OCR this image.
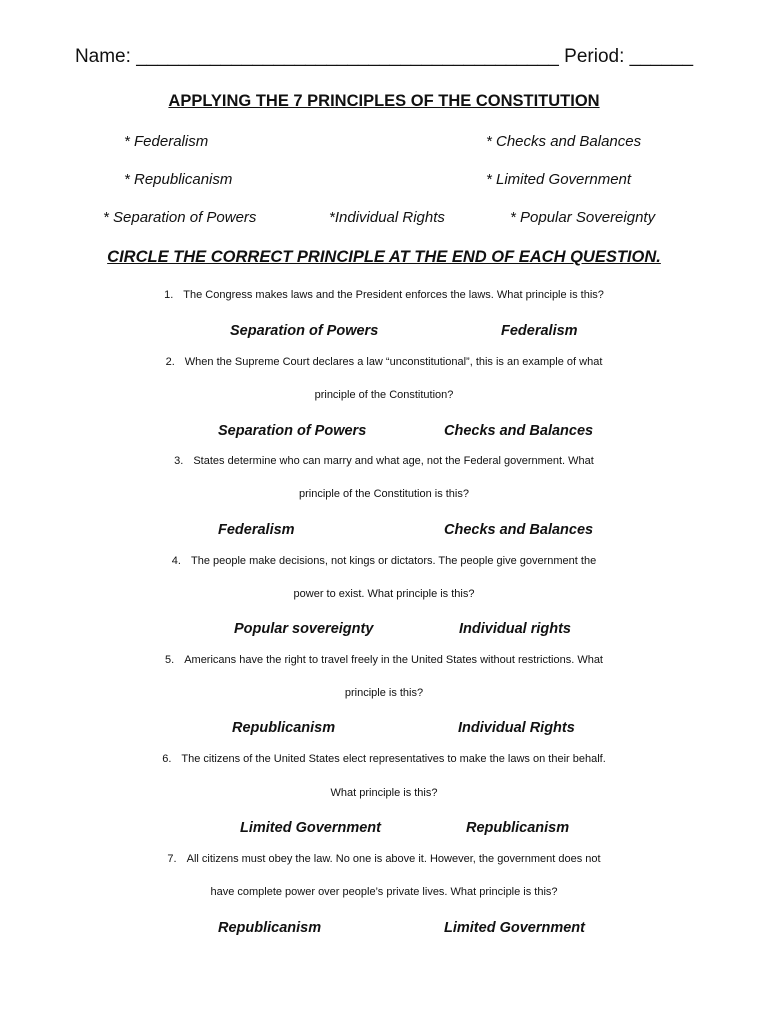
Name: ________________________________________ Period: ______
APPLYING THE 7 PRINCIPLES OF THE CONSTITUTION
* Federalism	* Checks and Balances
* Republicanism	* Limited Government
* Separation of Powers	*Individual Rights	* Popular Sovereignty
CIRCLE THE CORRECT PRINCIPLE AT THE END OF EACH QUESTION.
1. The Congress makes laws and the President enforces the laws. What principle is this?
Separation of Powers	Federalism
2. When the Supreme Court declares a law “unconstitutional”, this is an example of what
principle of the Constitution?
Separation of Powers	Checks and Balances
3. States determine who can marry and what age, not the Federal government. What
principle of the Constitution is this?
Federalism	Checks and Balances
4. The people make decisions, not kings or dictators. The people give government the
power to exist. What principle is this?
Popular sovereignty	Individual rights
5. Americans have the right to travel freely in the United States without restrictions. What
principle is this?
Republicanism	Individual Rights
6. The citizens of the United States elect representatives to make the laws on their behalf.
What principle is this?
Limited Government	Republicanism
7. All citizens must obey the law. No one is above it. However, the government does not
have complete power over people’s private lives. What principle is this?
Republicanism	Limited Government
